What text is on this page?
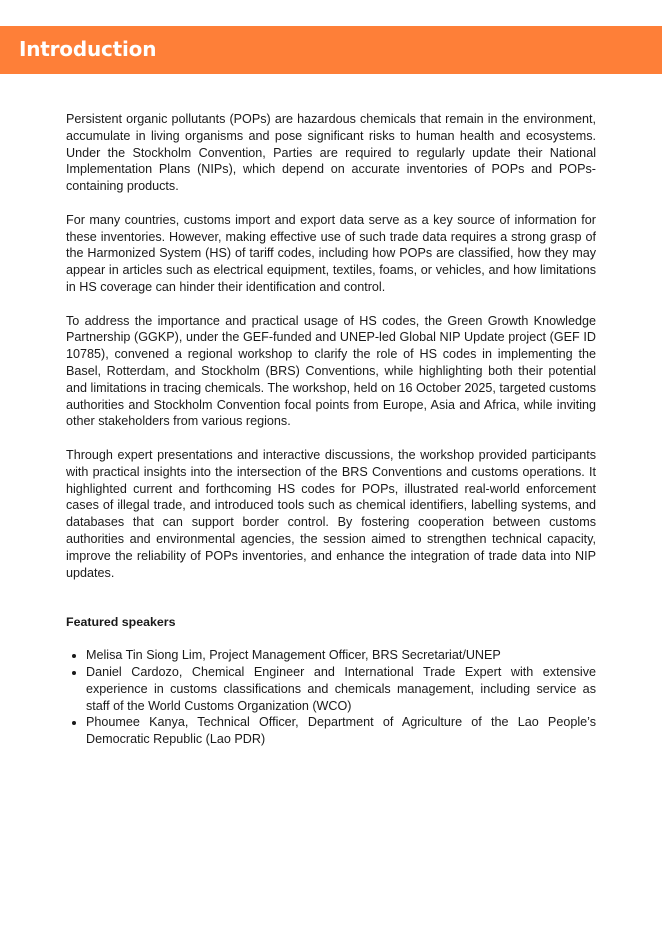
Introduction

Persistent organic pollutants (POPs) are hazardous chemicals that remain in the environment, accumulate in living organisms and pose significant risks to human health and ecosystems. Under the Stockholm Convention, Parties are required to regularly update their National Implementation Plans (NIPs), which depend on accurate inventories of POPs and POPs-containing products.

For many countries, customs import and export data serve as a key source of information for these inventories. However, making effective use of such trade data requires a strong grasp of the Harmonized System (HS) of tariff codes, including how POPs are classified, how they may appear in articles such as electrical equipment, textiles, foams, or vehicles, and how limitations in HS coverage can hinder their identification and control.

To address the importance and practical usage of HS codes, the Green Growth Knowledge Partnership (GGKP), under the GEF-funded and UNEP-led Global NIP Update project (GEF ID 10785), convened a regional workshop to clarify the role of HS codes in implementing the Basel, Rotterdam, and Stockholm (BRS) Conventions, while highlighting both their potential and limitations in tracing chemicals. The workshop, held on 16 October 2025, targeted customs authorities and Stockholm Convention focal points from Europe, Asia and Africa, while inviting other stakeholders from various regions.

Through expert presentations and interactive discussions, the workshop provided participants with practical insights into the intersection of the BRS Conventions and customs operations. It highlighted current and forthcoming HS codes for POPs, illustrated real-world enforcement cases of illegal trade, and introduced tools such as chemical identifiers, labelling systems, and databases that can support border control. By fostering cooperation between customs authorities and environmental agencies, the session aimed to strengthen technical capacity, improve the reliability of POPs inventories, and enhance the integration of trade data into NIP updates.

Featured speakers
• Melisa Tin Siong Lim, Project Management Officer, BRS Secretariat/UNEP
• Daniel Cardozo, Chemical Engineer and International Trade Expert with extensive experience in customs classifications and chemicals management, including service as staff of the World Customs Organization (WCO)
• Phoumee Kanya, Technical Officer, Department of Agriculture of the Lao People’s Democratic Republic (Lao PDR)
